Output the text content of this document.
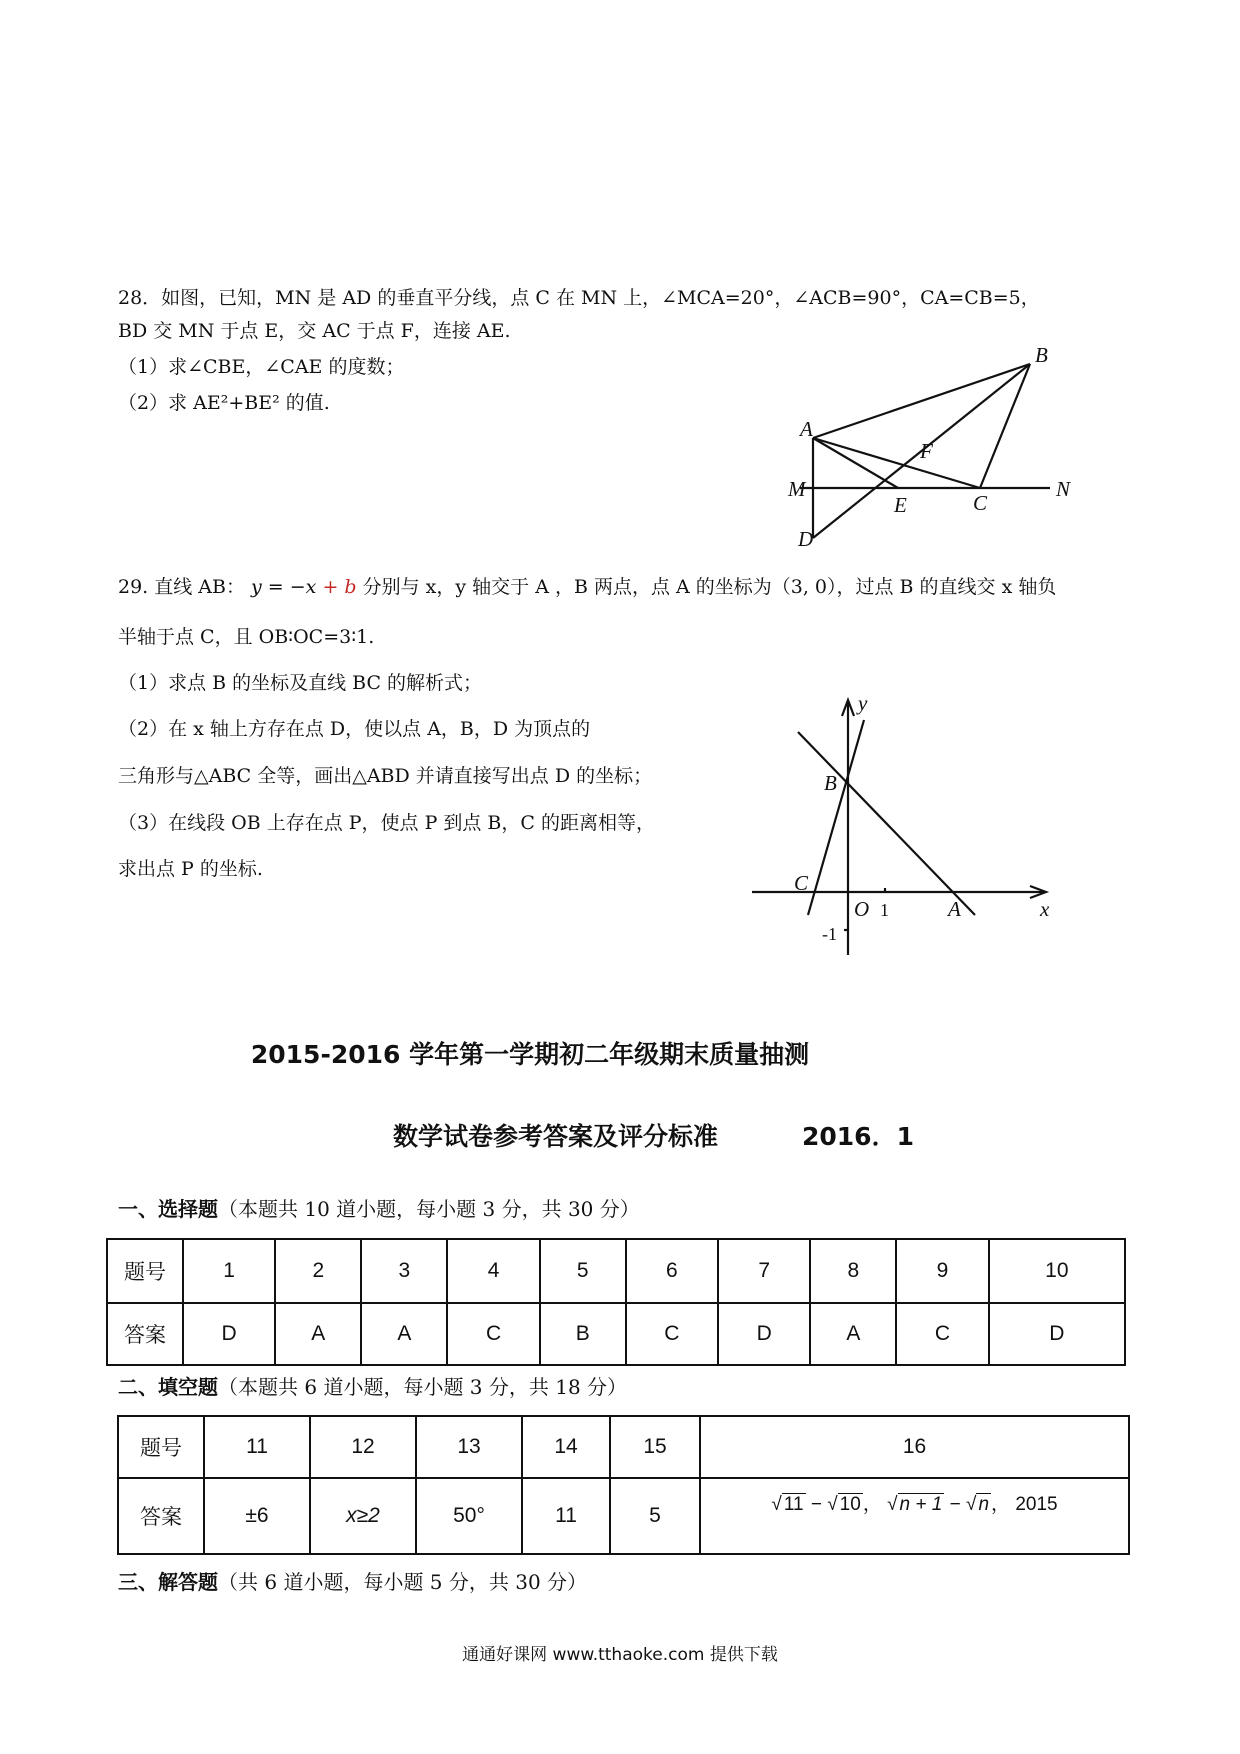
28．如图，已知，MN 是 AD 的垂直平分线，点 C 在 MN 上，∠MCA=20°，∠ACB=90°，CA=CB=5，
BD 交 MN 于点 E，交 AC 于点 F，连接 AE.
（1）求∠CBE，∠CAE 的度数；
（2）求 AE²+BE² 的值.
B
A
F
M	N
E	C
D
29. 直线 AB： y = −x + b 分别与 x，y 轴交于 A ，B 两点，点 A 的坐标为（3, 0），过点 B 的直线交 x 轴负
半轴于点 C，且 OB∶OC=3∶1.
（1）求点 B 的坐标及直线 BC 的解析式；
（2）在 x 轴上方存在点 D，使以点 A，B，D 为顶点的
三角形与△ABC 全等，画出△ABD 并请直接写出点 D 的坐标；
（3）在线段 OB 上存在点 P，使点 P 到点 B，C 的距离相等，
求出点 P 的坐标.
y
B
C
O	A	x
1
-1
2015-2016 学年第一学期初二年级期末质量抽测
数学试卷参考答案及评分标准	2016．1
一、选择题（本题共 10 道小题，每小题 3 分，共 30 分）
题号	1	2	3	4	5	6	7	8	9	10
答案	D	A	A	C	B	C	D	A	C	D
二、填空题（本题共 6 道小题，每小题 3 分，共 18 分）
题号	11	12	13	14	15	16
答案	±6	x≥2	50°	11	5	√ 11 − √ 10 ， √ n + 1 − √ n ， 2015
三、解答题（共 6 道小题，每小题 5 分，共 30 分）
通通好课网 www.tthaoke.com 提供下载
